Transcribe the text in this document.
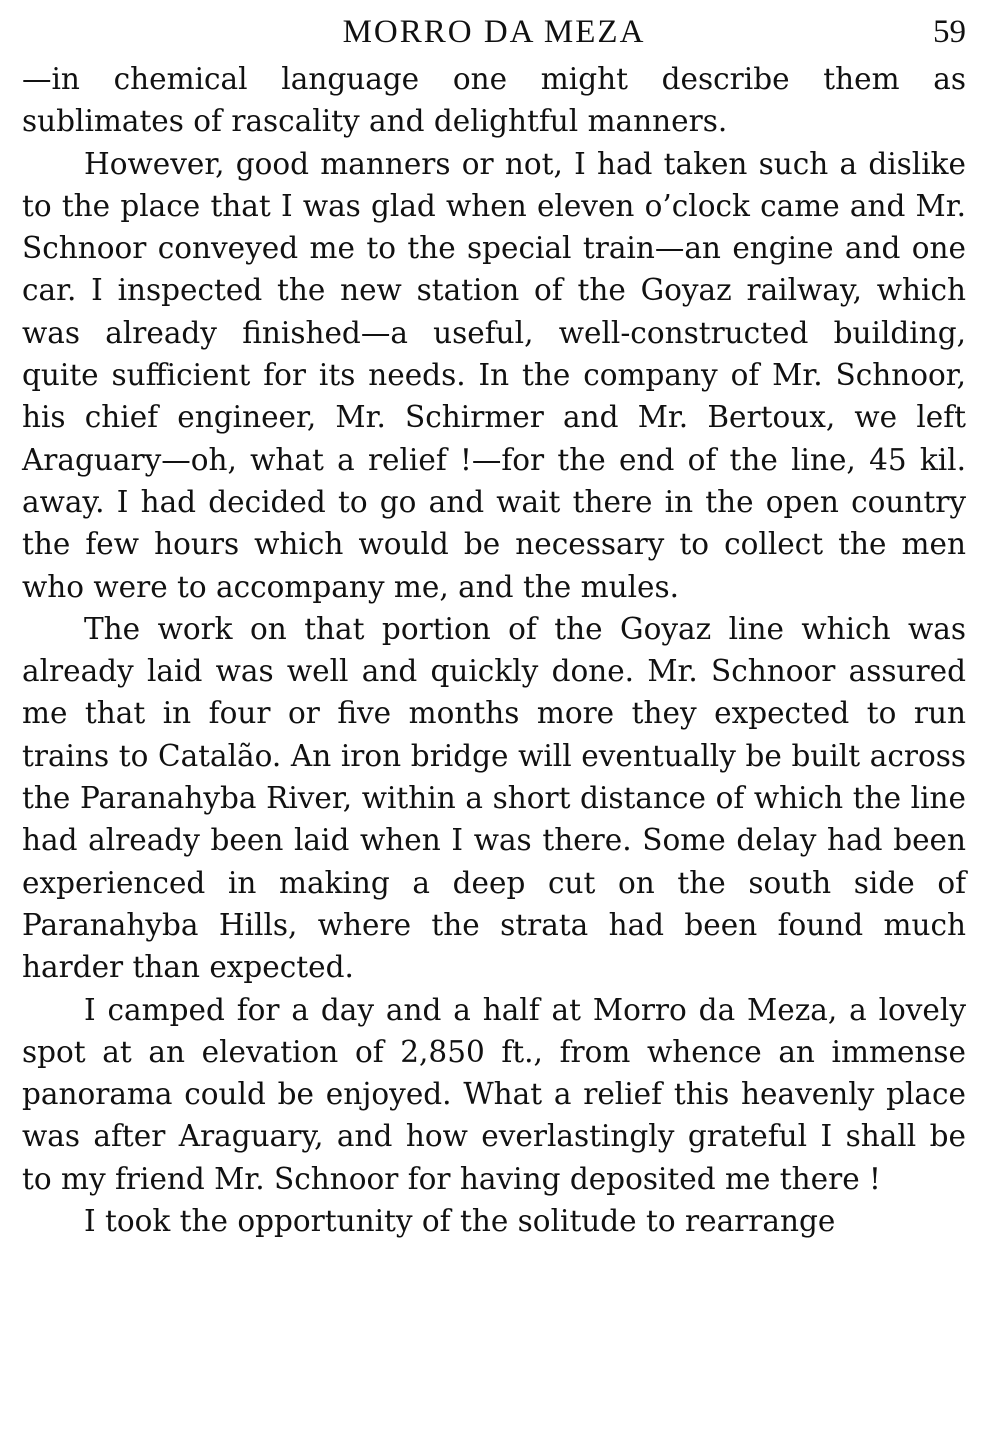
MORRO DA MEZA	59

—in chemical language one might describe them as sublimates of rascality and delightful manners.

However, good manners or not, I had taken such a dislike to the place that I was glad when eleven o’clock came and Mr. Schnoor conveyed me to the special train—an engine and one car. I inspected the new station of the Goyaz railway, which was already finished—a useful, well-constructed building, quite sufficient for its needs. In the company of Mr. Schnoor, his chief engineer, Mr. Schirmer and Mr. Bertoux, we left Araguary—oh, what a relief !—for the end of the line, 45 kil. away. I had decided to go and wait there in the open country the few hours which would be necessary to collect the men who were to accompany me, and the mules.

The work on that portion of the Goyaz line which was already laid was well and quickly done. Mr. Schnoor assured me that in four or five months more they expected to run trains to Catalão. An iron bridge will eventually be built across the Paranahyba River, within a short distance of which the line had already been laid when I was there. Some delay had been experienced in making a deep cut on the south side of Paranahyba Hills, where the strata had been found much harder than expected.

I camped for a day and a half at Morro da Meza, a lovely spot at an elevation of 2,850 ft., from whence an immense panorama could be enjoyed. What a relief this heavenly place was after Araguary, and how everlastingly grateful I shall be to my friend Mr. Schnoor for having deposited me there !

I took the opportunity of the solitude to rearrange
